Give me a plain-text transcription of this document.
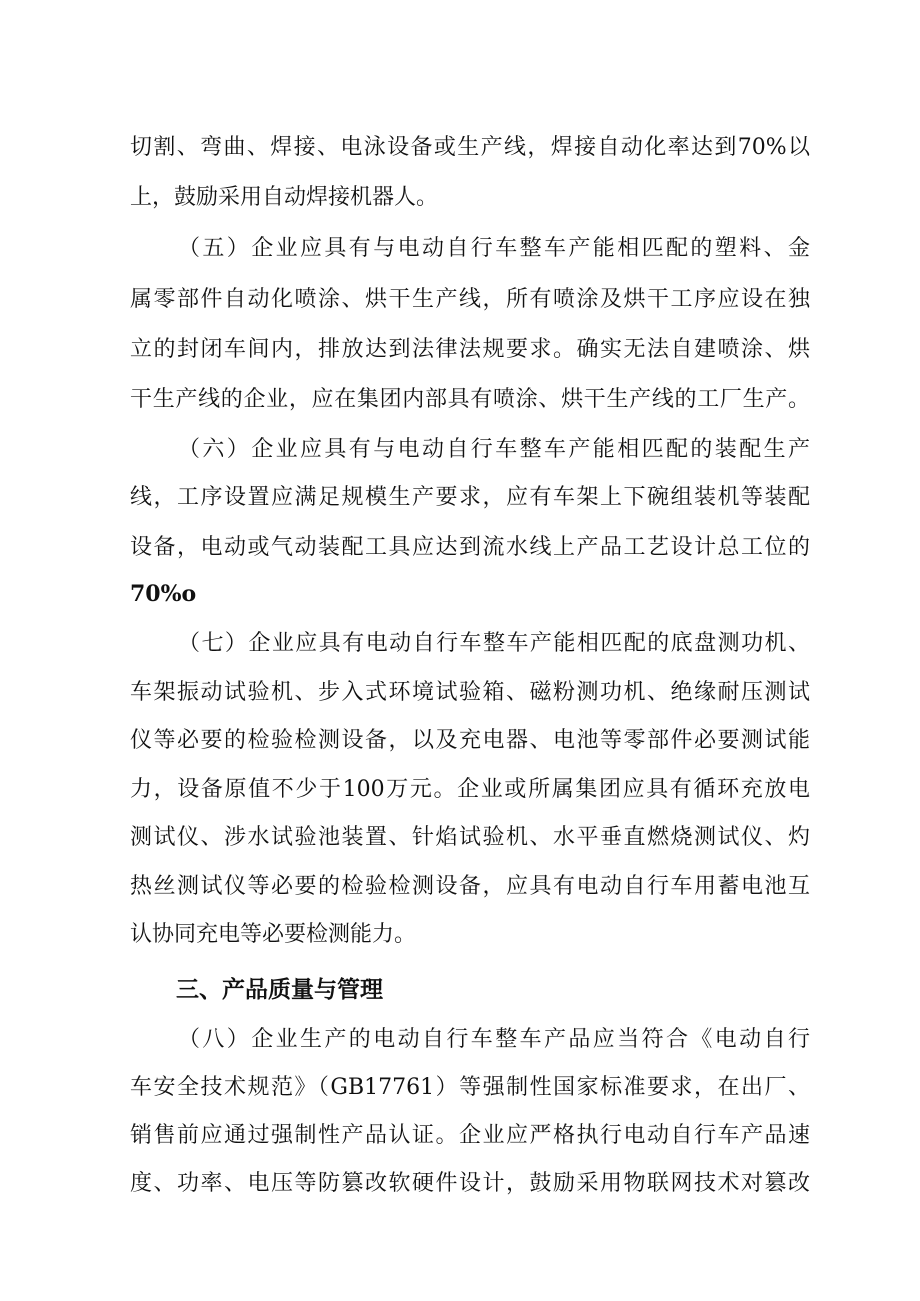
切割、弯曲、焊接、电泳设备或生产线，焊接自动化率达到70%以
上，鼓励采用自动焊接机器人。
（五）企业应具有与电动自行车整车产能相匹配的塑料、金
属零部件自动化喷涂、烘干生产线，所有喷涂及烘干工序应设在独
立的封闭车间内，排放达到法律法规要求。确实无法自建喷涂、烘
干生产线的企业，应在集团内部具有喷涂、烘干生产线的工厂生产。
（六）企业应具有与电动自行车整车产能相匹配的装配生产
线，工序设置应满足规模生产要求，应有车架上下碗组装机等装配
设备，电动或气动装配工具应达到流水线上产品工艺设计总工位的
70%o
（七）企业应具有电动自行车整车产能相匹配的底盘测功机、
车架振动试验机、步入式环境试验箱、磁粉测功机、绝缘耐压测试
仪等必要的检验检测设备，以及充电器、电池等零部件必要测试能
力，设备原值不少于100万元。企业或所属集团应具有循环充放电
测试仪、涉水试验池装置、针焰试验机、水平垂直燃烧测试仪、灼
热丝测试仪等必要的检验检测设备，应具有电动自行车用蓄电池互
认协同充电等必要检测能力。
三、产品质量与管理
（八）企业生产的电动自行车整车产品应当符合《电动自行
车安全技术规范》（GB17761）等强制性国家标准要求，在出厂、
销售前应通过强制性产品认证。企业应严格执行电动自行车产品速
度、功率、电压等防篡改软硬件设计，鼓励采用物联网技术对篡改
